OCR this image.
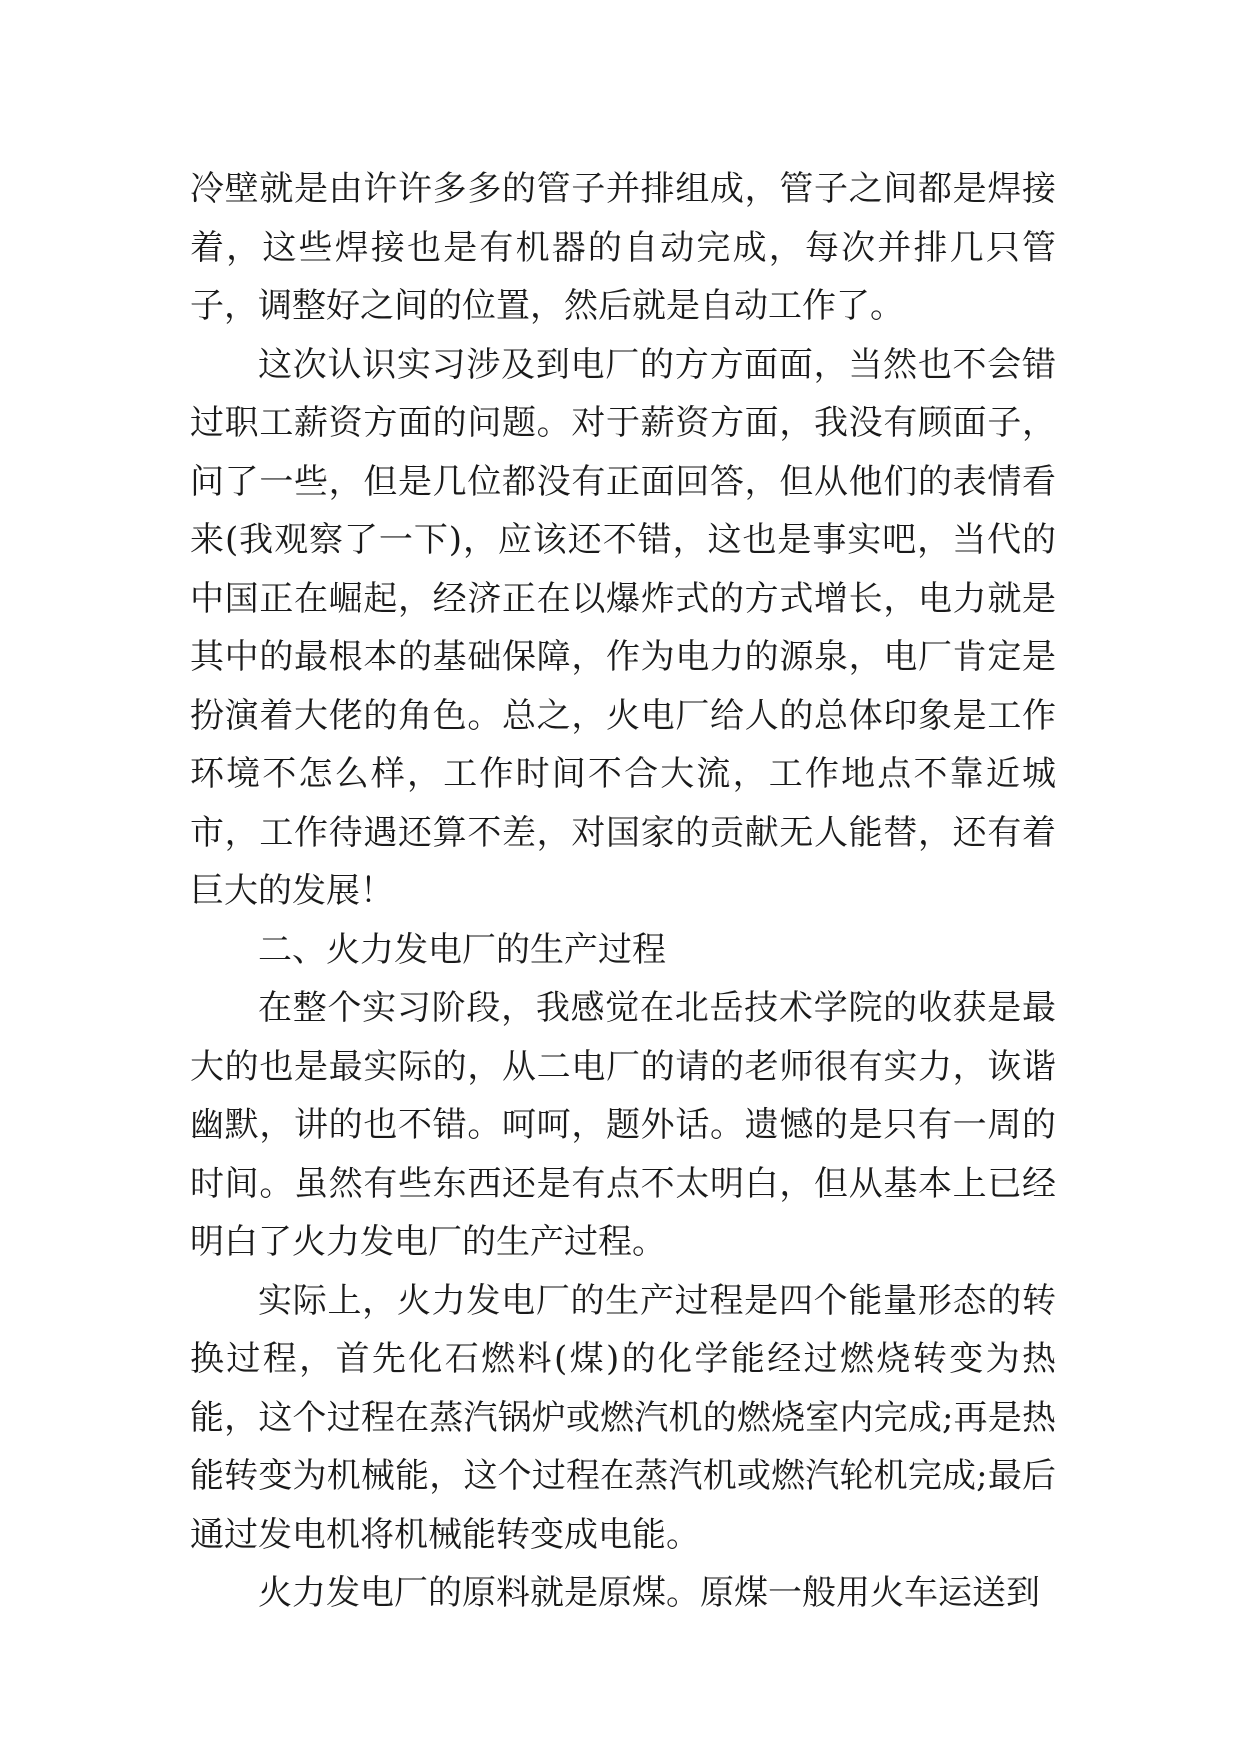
冷壁就是由许许多多的管子并排组成，管子之间都是焊接着，这些焊接也是有机器的自动完成，每次并排几只管子，调整好之间的位置，然后就是自动工作了。

这次认识实习涉及到电厂的方方面面，当然也不会错过职工薪资方面的问题。对于薪资方面，我没有顾面子，问了一些，但是几位都没有正面回答，但从他们的表情看来(我观察了一下)，应该还不错，这也是事实吧，当代的中国正在崛起，经济正在以爆炸式的方式增长，电力就是其中的最根本的基础保障，作为电力的源泉，电厂肯定是扮演着大佬的角色。总之，火电厂给人的总体印象是工作环境不怎么样，工作时间不合大流，工作地点不靠近城市，工作待遇还算不差，对国家的贡献无人能替，还有着巨大的发展！

二、火力发电厂的生产过程

在整个实习阶段，我感觉在北岳技术学院的收获是最大的也是最实际的，从二电厂的请的老师很有实力，诙谐幽默，讲的也不错。呵呵，题外话。遗憾的是只有一周的时间。虽然有些东西还是有点不太明白，但从基本上已经明白了火力发电厂的生产过程。

实际上，火力发电厂的生产过程是四个能量形态的转换过程，首先化石燃料(煤)的化学能经过燃烧转变为热能，这个过程在蒸汽锅炉或燃汽机的燃烧室内完成;再是热能转变为机械能，这个过程在蒸汽机或燃汽轮机完成;最后通过发电机将机械能转变成电能。

火力发电厂的原料就是原煤。原煤一般用火车运送到
